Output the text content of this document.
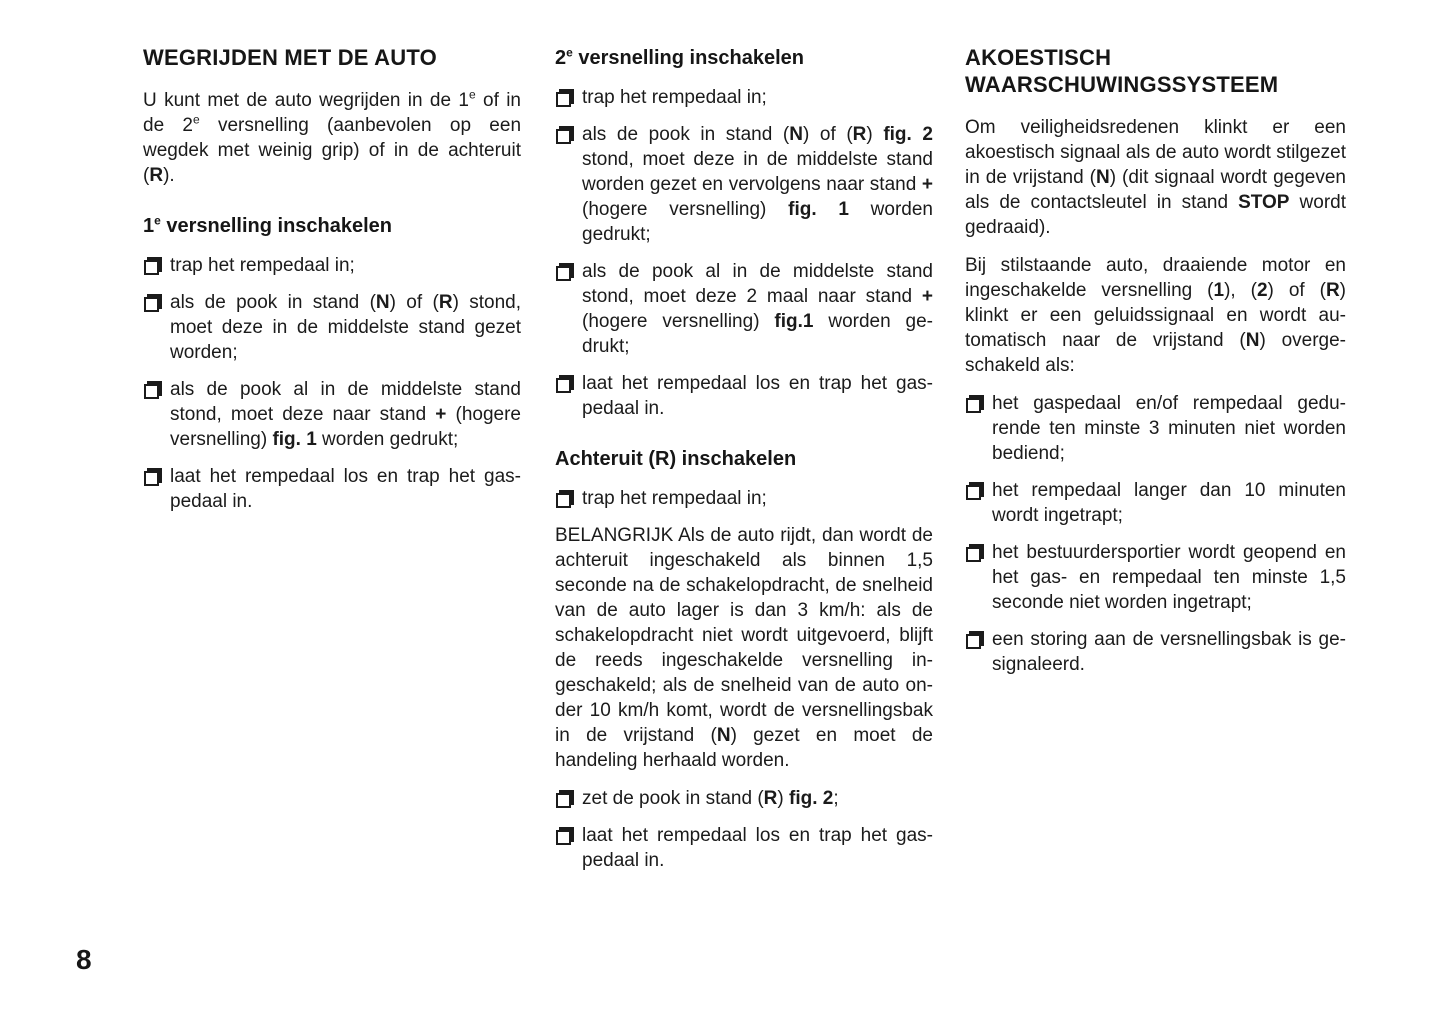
WEGRIJDEN MET DE AUTO

U kunt met de auto wegrijden in de 1e of in de 2e versnelling (aanbevolen op een wegdek met weinig grip) of in de achteruit (R).

1e versnelling inschakelen
trap het rempedaal in;
als de pook in stand (N) of (R) stond, moet deze in de middelste stand gezet worden;
als de pook al in de middelste stand stond, moet deze naar stand + (hogere versnelling) fig. 1 worden gedrukt;
laat het rempedaal los en trap het gaspedaal in.
2e versnelling inschakelen
trap het rempedaal in;
als de pook in stand (N) of (R) fig. 2 stond, moet deze in de middelste stand worden gezet en vervolgens naar stand + (hogere versnelling) fig. 1 worden gedrukt;
als de pook al in de middelste stand stond, moet deze 2 maal naar stand + (hogere versnelling) fig.1 worden gedrukt;
laat het rempedaal los en trap het gaspedaal in.
Achteruit (R) inschakelen
trap het rempedaal in;

BELANGRIJK Als de auto rijdt, dan wordt de achteruit ingeschakeld als binnen 1,5 seconde na de schakelopdracht, de snelheid van de auto lager is dan 3 km/h: als de schakelopdracht niet wordt uitgevoerd, blijft de reeds ingeschakelde versnelling ingeschakeld; als de snelheid van de auto onder 10 km/h komt, wordt de versnellingsbak in de vrijstand (N) gezet en moet de handeling herhaald worden.

zet de pook in stand (R) fig. 2;
laat het rempedaal los en trap het gaspedaal in.
AKOESTISCH WAARSCHUWINGSSYSTEEM

Om veiligheidsredenen klinkt er een akoestisch signaal als de auto wordt stilgezet in de vrijstand (N) (dit signaal wordt gegeven als de contactsleutel in stand STOP wordt gedraaid).

Bij stilstaande auto, draaiende motor en ingeschakelde versnelling (1), (2) of (R) klinkt er een geluidssignaal en wordt automatisch naar de vrijstand (N) overgeschakeld als:

het gaspedaal en/of rempedaal gedurende ten minste 3 minuten niet worden bediend;
het rempedaal langer dan 10 minuten wordt ingetrapt;
het bestuurdersportier wordt geopend en het gas- en rempedaal ten minste 1,5 seconde niet worden ingetrapt;
een storing aan de versnellingsbak is gesignaleerd.
8
